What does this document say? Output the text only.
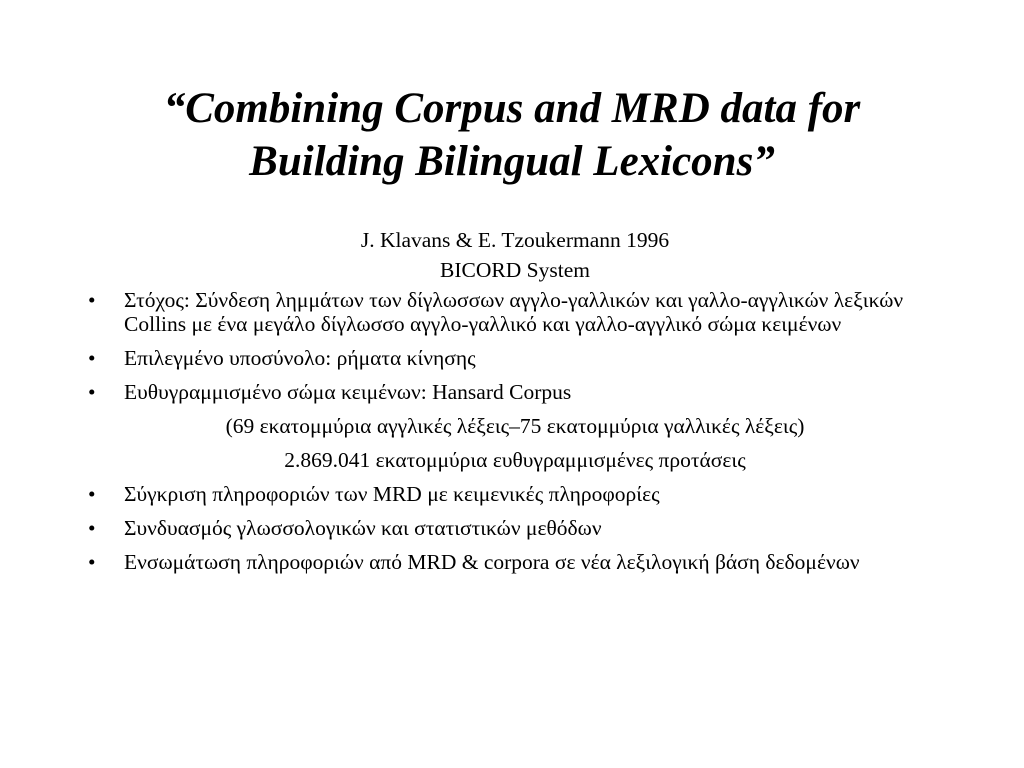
“Combining Corpus and MRD data for
Building Bilingual Lexicons”
J. Klavans & E. Tzoukermann 1996
BICORD System
• Στόχος: Σύνδεση λημμάτων των δίγλωσσων αγγλο-γαλλικών και γαλλο-αγγλικών λεξικών Collins με ένα μεγάλο δίγλωσσο αγγλο-γαλλικό και γαλλο-αγγλικό σώμα κειμένων
• Επιλεγμένο υποσύνολο: ρήματα κίνησης
• Ευθυγραμμισμένο σώμα κειμένων: Hansard Corpus
(69 εκατομμύρια αγγλικές λέξεις–75 εκατομμύρια γαλλικές λέξεις)
2.869.041 εκατομμύρια ευθυγραμμισμένες προτάσεις
• Σύγκριση πληροφοριών των MRD με κειμενικές πληροφορίες
• Συνδυασμός γλωσσολογικών και στατιστικών μεθόδων
• Ενσωμάτωση πληροφοριών από MRD & corpora σε νέα λεξιλογική βάση δεδομένων
